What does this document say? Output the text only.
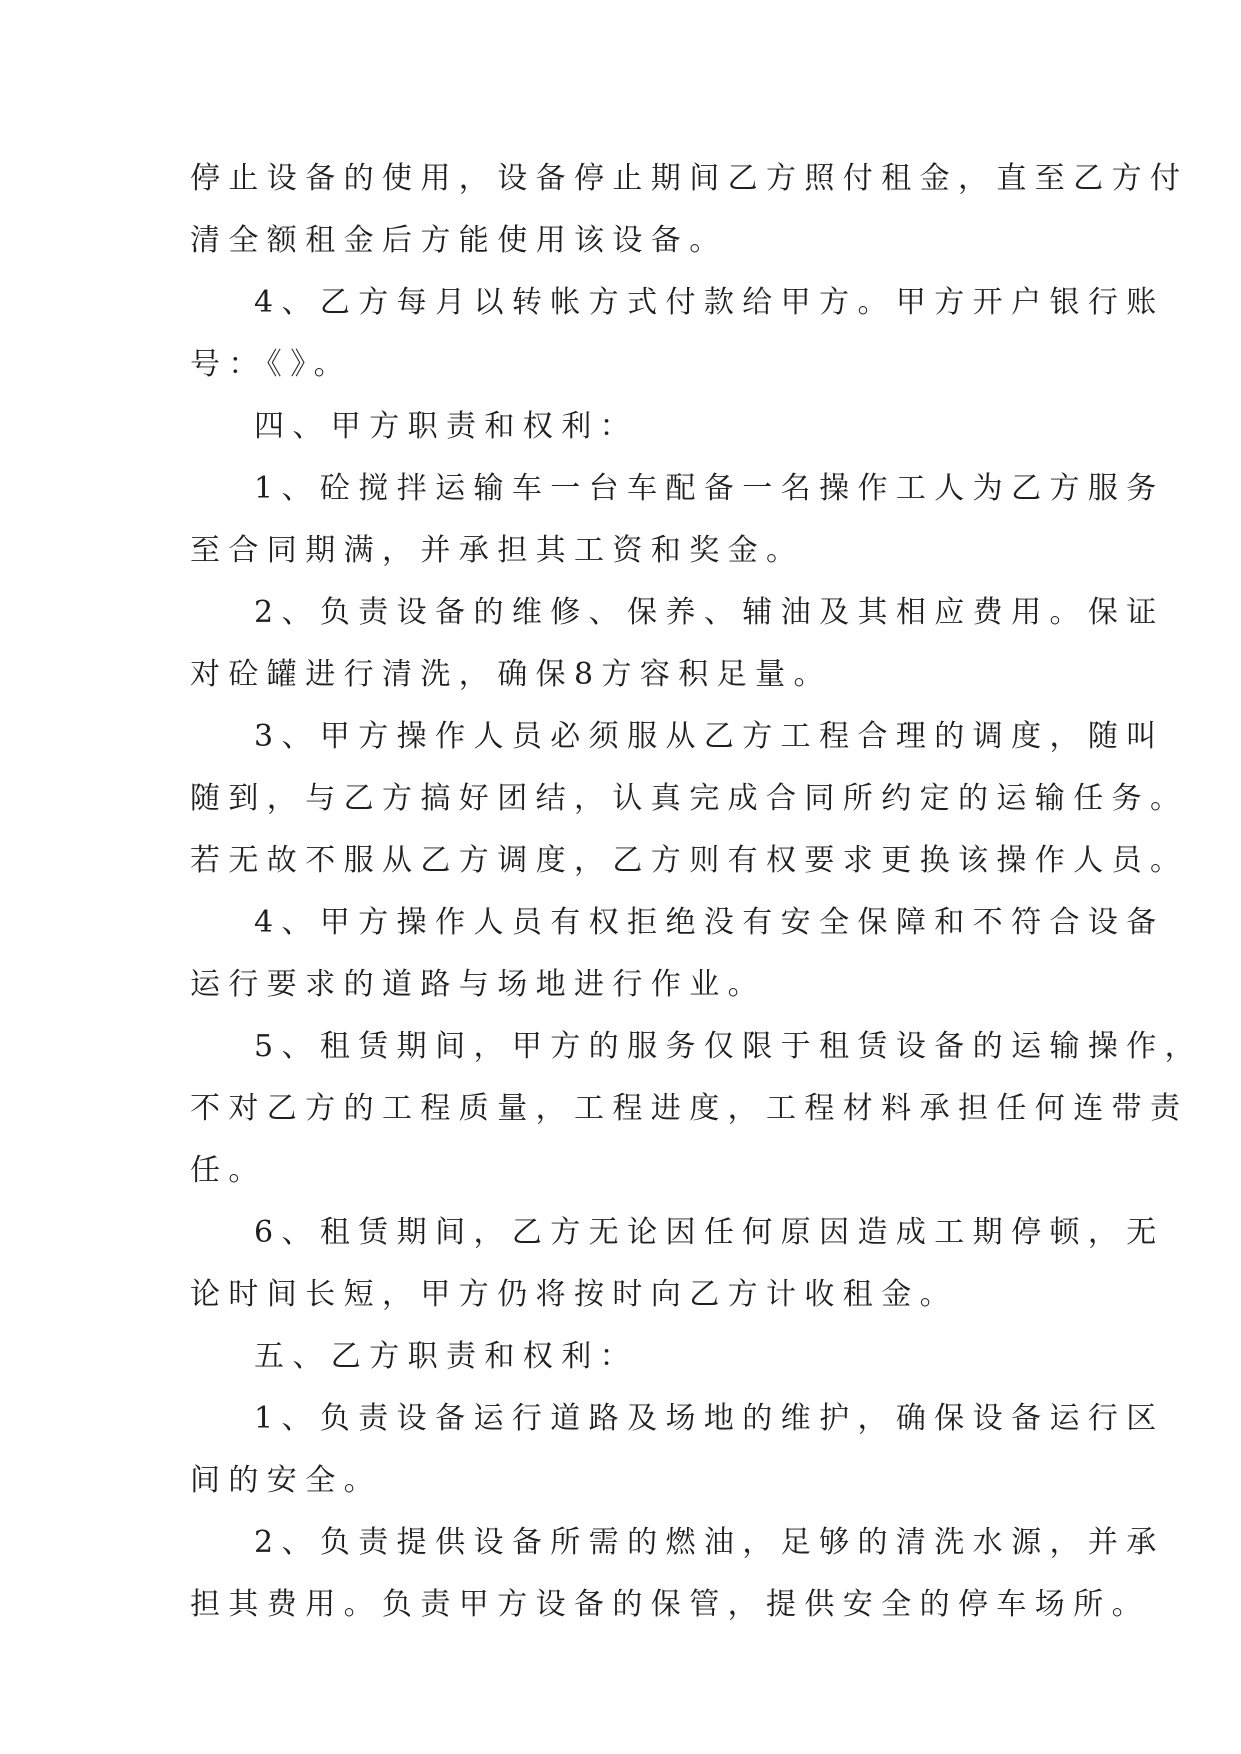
停止设备的使用，设备停止期间乙方照付租金，直至乙方付
清全额租金后方能使用该设备。
4、乙方每月以转帐方式付款给甲方。甲方开户银行账
号：《》。
四、甲方职责和权利：
1、砼搅拌运输车一台车配备一名操作工人为乙方服务
至合同期满，并承担其工资和奖金。
2、负责设备的维修、保养、辅油及其相应费用。保证
对砼罐进行清洗，确保8方容积足量。
3、甲方操作人员必须服从乙方工程合理的调度，随叫
随到，与乙方搞好团结，认真完成合同所约定的运输任务。
若无故不服从乙方调度，乙方则有权要求更换该操作人员。
4、甲方操作人员有权拒绝没有安全保障和不符合设备
运行要求的道路与场地进行作业。
5、租赁期间，甲方的服务仅限于租赁设备的运输操作，
不对乙方的工程质量，工程进度，工程材料承担任何连带责
任。
6、租赁期间，乙方无论因任何原因造成工期停顿，无
论时间长短，甲方仍将按时向乙方计收租金。
五、乙方职责和权利：
1、负责设备运行道路及场地的维护，确保设备运行区
间的安全。
2、负责提供设备所需的燃油，足够的清洗水源，并承
担其费用。负责甲方设备的保管，提供安全的停车场所。
